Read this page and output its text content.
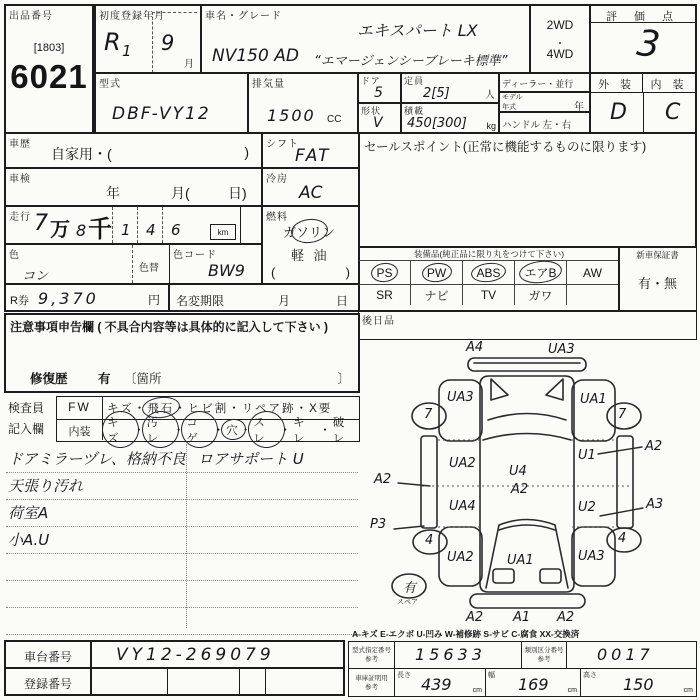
出品番号
[1803]
6021
初度登録年月
R 1 9
月
車名・グレード
エキスパート LX
NV150 AD “エマージェンシーブレーキ標準”
2WD
・
4WD
評 価 点
3
型式
DBF-VY12
排気量
1500 CC
ドア
5
定員
2[5]	人
形状
V
積載
450[300] kg
ディーラー・並行
モデル
年式	年
ハンドル 左・右
外 装	内 装
D C
車歴
自家用・(	) シフト
FAT
車検
年	月(	日)
冷房
AC
走行 7 万 8 千 1 4 6	km
燃料
ガソリン
軽 油
(	)
色
コン
色替
色コード
BW9
R券 9,370	円 名変期限	月	日
セールスポイント(正常に機能するものに限ります)
装備品(純正品に限り丸をつけて下さい)
PS	PW	ABS エアB AW
SR	ナビ	TV	ガワ
新車保証書
有・無
後日品
注意事項申告欄 ( 不具合内容等は具体的に記入して下さい )
修復歴 有 〔箇所	〕
検査員
記入欄
FW	キズ ・ 飛石 ・ ヒビ割 ・ リペア跡 ・ X要
内装
キズ
・
汚レ
・
コゲ
・ 穴 ・
スレ
・
キレ
・
破レ
ドアミラーヅレ、格納不良 ロアサポート U
天張り汚れ
荷室A
小A.U
A4	UA3
UA3	UA1
7	7
UA2
U1
A2
U4
A2
A2
UA4	U2	A3
P3
4	4
UA2	UA1	UA3
有
A2 A1 A2
スペア
A-キズ E-エクボ U-凹み W-補修跡 S-サビ C-腐食 XX-交換済
車台番号	VY12-269079
登録番号
型式指定番号
参考	15633	類別区分番号
参考	0017
車庫証明用
参考
長さ 439	cm
幅 169	cm
高さ 150	cm
